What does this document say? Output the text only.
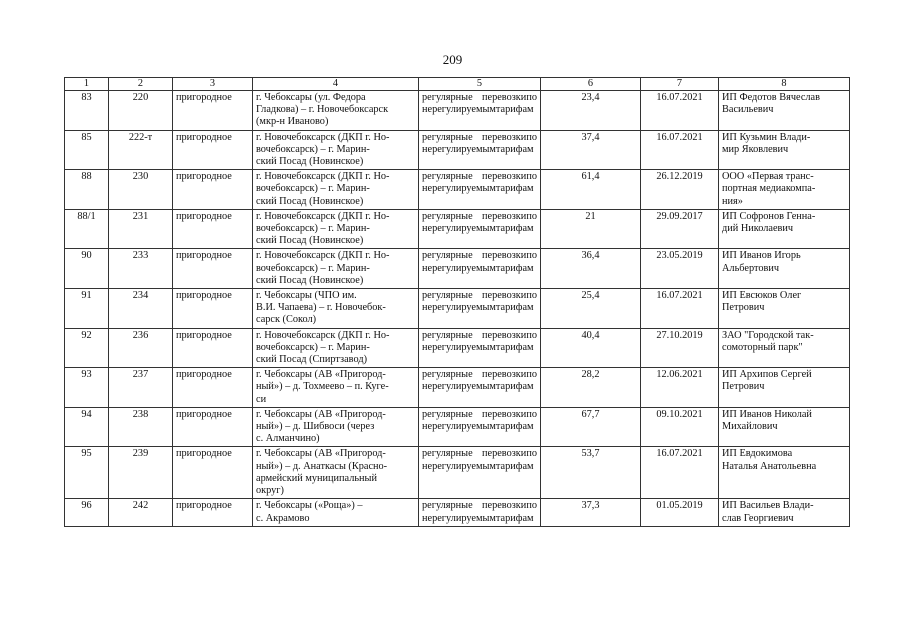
209
1	2	3	4	5	6	7	8
83	220	пригородное	г. Чебоксары (ул. Федора
Гладкова) – г. Новочебоксарск
(мкр-н Иваново)	регулярные перевозкипо нерегулируемымтарифам	23,4	16.07.2021	ИП Федотов Вячеслав
Васильевич

85	222-т	пригородное	г. Новочебоксарск (ДКП г. Но-
вочебоксарск) – г. Марин-
ский Посад (Новинское)	регулярные перевозкипо нерегулируемымтарифам	37,4	16.07.2021	ИП Кузьмин Влади-
мир Яковлевич

88	230	пригородное	г. Новочебоксарск (ДКП г. Но-
вочебоксарск) – г. Марин-
ский Посад (Новинское)	регулярные перевозкипо нерегулируемымтарифам	61,4	26.12.2019	ООО «Первая транс-
портная медиакомпа-
ния»

88/1	231	пригородное	г. Новочебоксарск (ДКП г. Но-
вочебоксарск) – г. Марин-
ский Посад (Новинское)	регулярные перевозкипо нерегулируемымтарифам	21	29.09.2017	ИП Софронов Генна-
дий Николаевич

90	233	пригородное	г. Новочебоксарск (ДКП г. Но-
вочебоксарск) – г. Марин-
ский Посад (Новинское)	регулярные перевозкипо нерегулируемымтарифам	36,4	23.05.2019	ИП Иванов Игорь
Альбертович

91	234	пригородное	г. Чебоксары (ЧПО им.
В.И. Чапаева) – г. Новочебок-
сарск (Сокол)	регулярные перевозкипо нерегулируемымтарифам	25,4	16.07.2021	ИП Евсюков Олег
Петрович

92	236	пригородное	г. Новочебоксарск (ДКП г. Но-
вочебоксарск) – г. Марин-
ский Посад (Спиртзавод)	регулярные перевозкипо нерегулируемымтарифам	40,4	27.10.2019	ЗАО "Городской так-
сомоторный парк"

93	237	пригородное	г. Чебоксары (АВ «Пригород-
ный») – д. Тохмеево – п. Куге-
си	регулярные перевозкипо нерегулируемымтарифам	28,2	12.06.2021	ИП Архипов Сергей
Петрович

94	238	пригородное	г. Чебоксары (АВ «Пригород-
ный») – д. Шибвоси (через
с. Алманчино)	регулярные перевозкипо нерегулируемымтарифам	67,7	09.10.2021	ИП Иванов Николай
Михайлович

95	239	пригородное	г. Чебоксары (АВ «Пригород-
ный») – д. Анаткасы (Красно-
армейский муниципальный
округ)	регулярные перевозкипо нерегулируемымтарифам	53,7	16.07.2021	ИП Евдокимова
Наталья Анатольевна

96	242	пригородное	г. Чебоксары («Роща») –
с. Акрамово	регулярные перевозкипо нерегулируемымтарифам	37,3	01.05.2019	ИП Васильев Влади-
слав Георгиевич
